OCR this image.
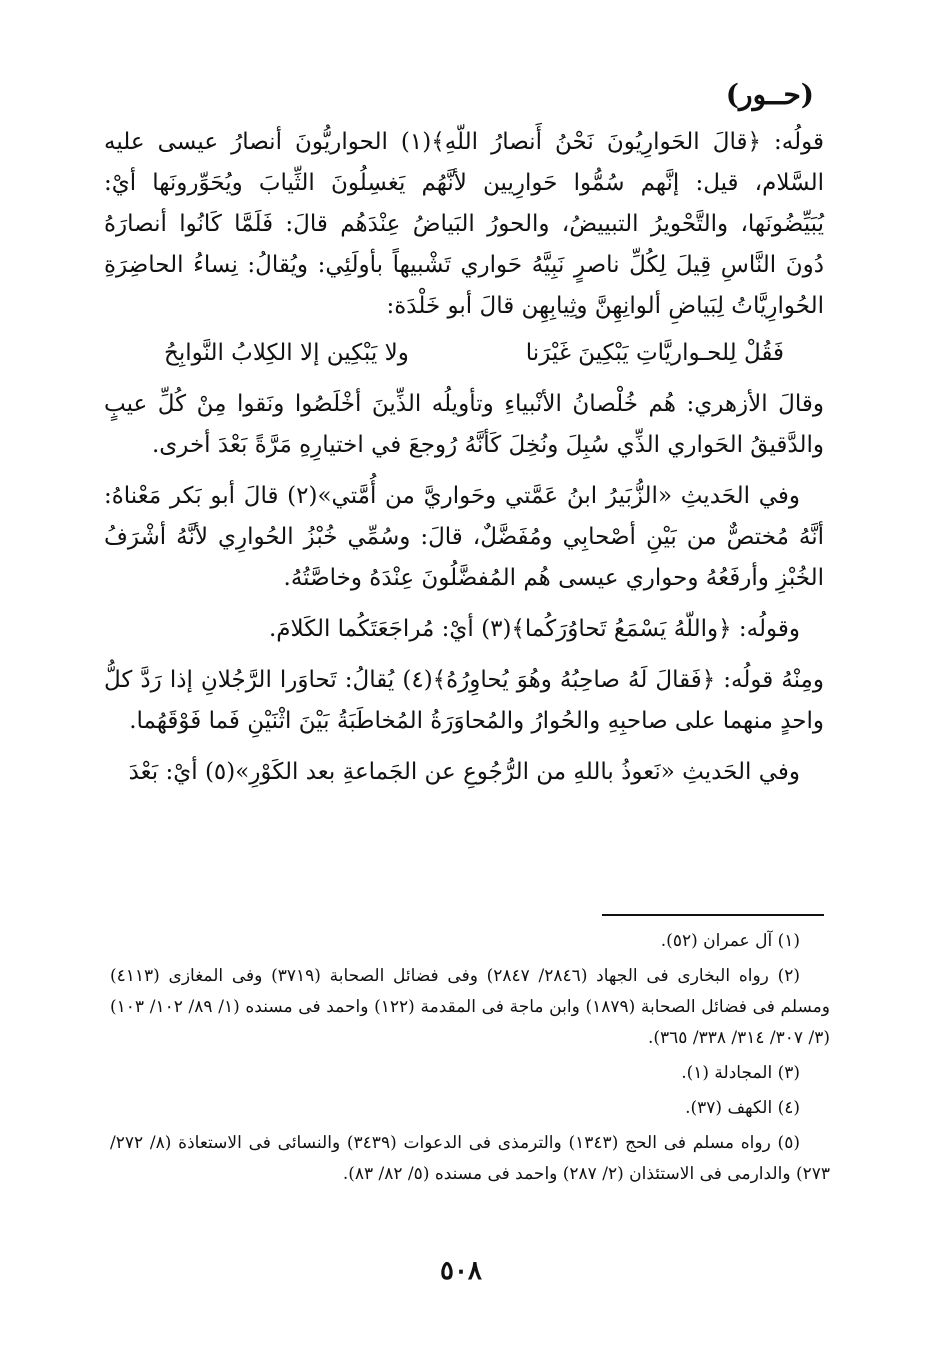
(حــور)

قولُه: ﴿قالَ الحَوارِيُونَ نَحْنُ أَنصارُ اللّهِ﴾(١) الحواريُّونَ أنصارُ عيسى عليه السَّلام، قيل: إنَّهم سُمُّوا حَوارِيين لأنَّهُم يَغسِلُونَ الثِّيابَ ويُحَوِّرونَها أيْ: يُبَيِّضُونَها، والتَّحْويرُ التبييضُ، والحورُ البَياضُ عِنْدَهُم قالَ: فَلَمَّا كَانُوا أنصارَهُ دُونَ النَّاسِ قِيلَ لِكُلِّ ناصرٍ نَبِيَّهُ حَواري تَشْبيهاً بأولَئِي: ويُقالُ: نِساءُ الحاضِرَةِ الحُوارِيَّاتُ لِبَياضِ ألوانِهِنَّ وثِيابِهِن قالَ أبو خَلْدَة:

فَقُلْ لِلحـواريَّاتِ يَبْكِينَ غَيْرَنا
ولا يَبْكِين إلا الكِلابُ النَّوابِحُ

وقالَ الأزهري: هُم خُلْصانُ الأنْبياءِ وتأويلُه الذِّينَ أخْلَصُوا ونَقوا مِنْ كُلِّ عيبٍ والدَّقيقُ الحَواري الذِّي سُبِلَ ونُخِلَ كَأنَّهُ رُوجعَ في اختيارِهِ مَرَّةً بَعْدَ أخرى.

وفي الحَديثِ «الزُّبَيرُ ابنُ عَمَّتي وحَواريَّ من أُمَّتي»(٢) قالَ أبو بَكر مَعْناهُ: أنَّهُ مُختصٌّ من بَيْنِ أصْحابِي ومُفَضَّلٌ، قالَ: وسُمِّي خُبْزُ الحُوارِي لأنَّهُ أشْرَفُ الخُبْزِ وأرفَعُهُ وحواري عيسى هُم المُفضَّلُونَ عِنْدَهُ وخاصَّتُهُ.

وقولُه: ﴿واللّهُ يَسْمَعُ تَحاوُرَكُما﴾(٣) أيْ: مُراجَعَتَكُما الكَلامَ.

ومِنْهُ قولُه: ﴿فَقالَ لَهُ صاحِبُهُ وهُوَ يُحاوِرُهُ﴾(٤) يُقالُ: تَحاوَرا الرَّجُلانِ إذا رَدَّ كلُّ واحدٍ منهما على صاحبِهِ والحُوارُ والمُحاوَرَةُ المُخاطَبَةُ بَيْنَ اثْنَيْنِ فَما فَوْقَهُما.

وفي الحَديثِ «نَعوذُ باللهِ من الرُّجُوعِ عن الجَماعةِ بعد الكَوْرِ»(٥) أيْ: بَعْدَ

(١) آل عمران (٥٢).

(٢) رواه البخارى فى الجهاد (٢٨٤٦/ ٢٨٤٧) وفى فضائل الصحابة (٣٧١٩) وفى المغازى (٤١١٣) ومسلم فى فضائل الصحابة (١٨٧٩) وابن ماجة فى المقدمة (١٢٢) واحمد فى مسنده (١/ ٨٩/ ١٠٢/ ١٠٣) (٣/ ٣٠٧/ ٣١٤/ ٣٣٨/ ٣٦٥).

(٣) المجادلة (١).

(٤) الكهف (٣٧).

(٥) رواه مسلم فى الحج (١٣٤٣) والترمذى فى الدعوات (٣٤٣٩) والنسائى فى الاستعاذة (٨/ ٢٧٢/ ٢٧٣) والدارمى فى الاستئذان (٢/ ٢٨٧) واحمد فى مسنده (٥/ ٨٢/ ٨٣).

٥٠٨
